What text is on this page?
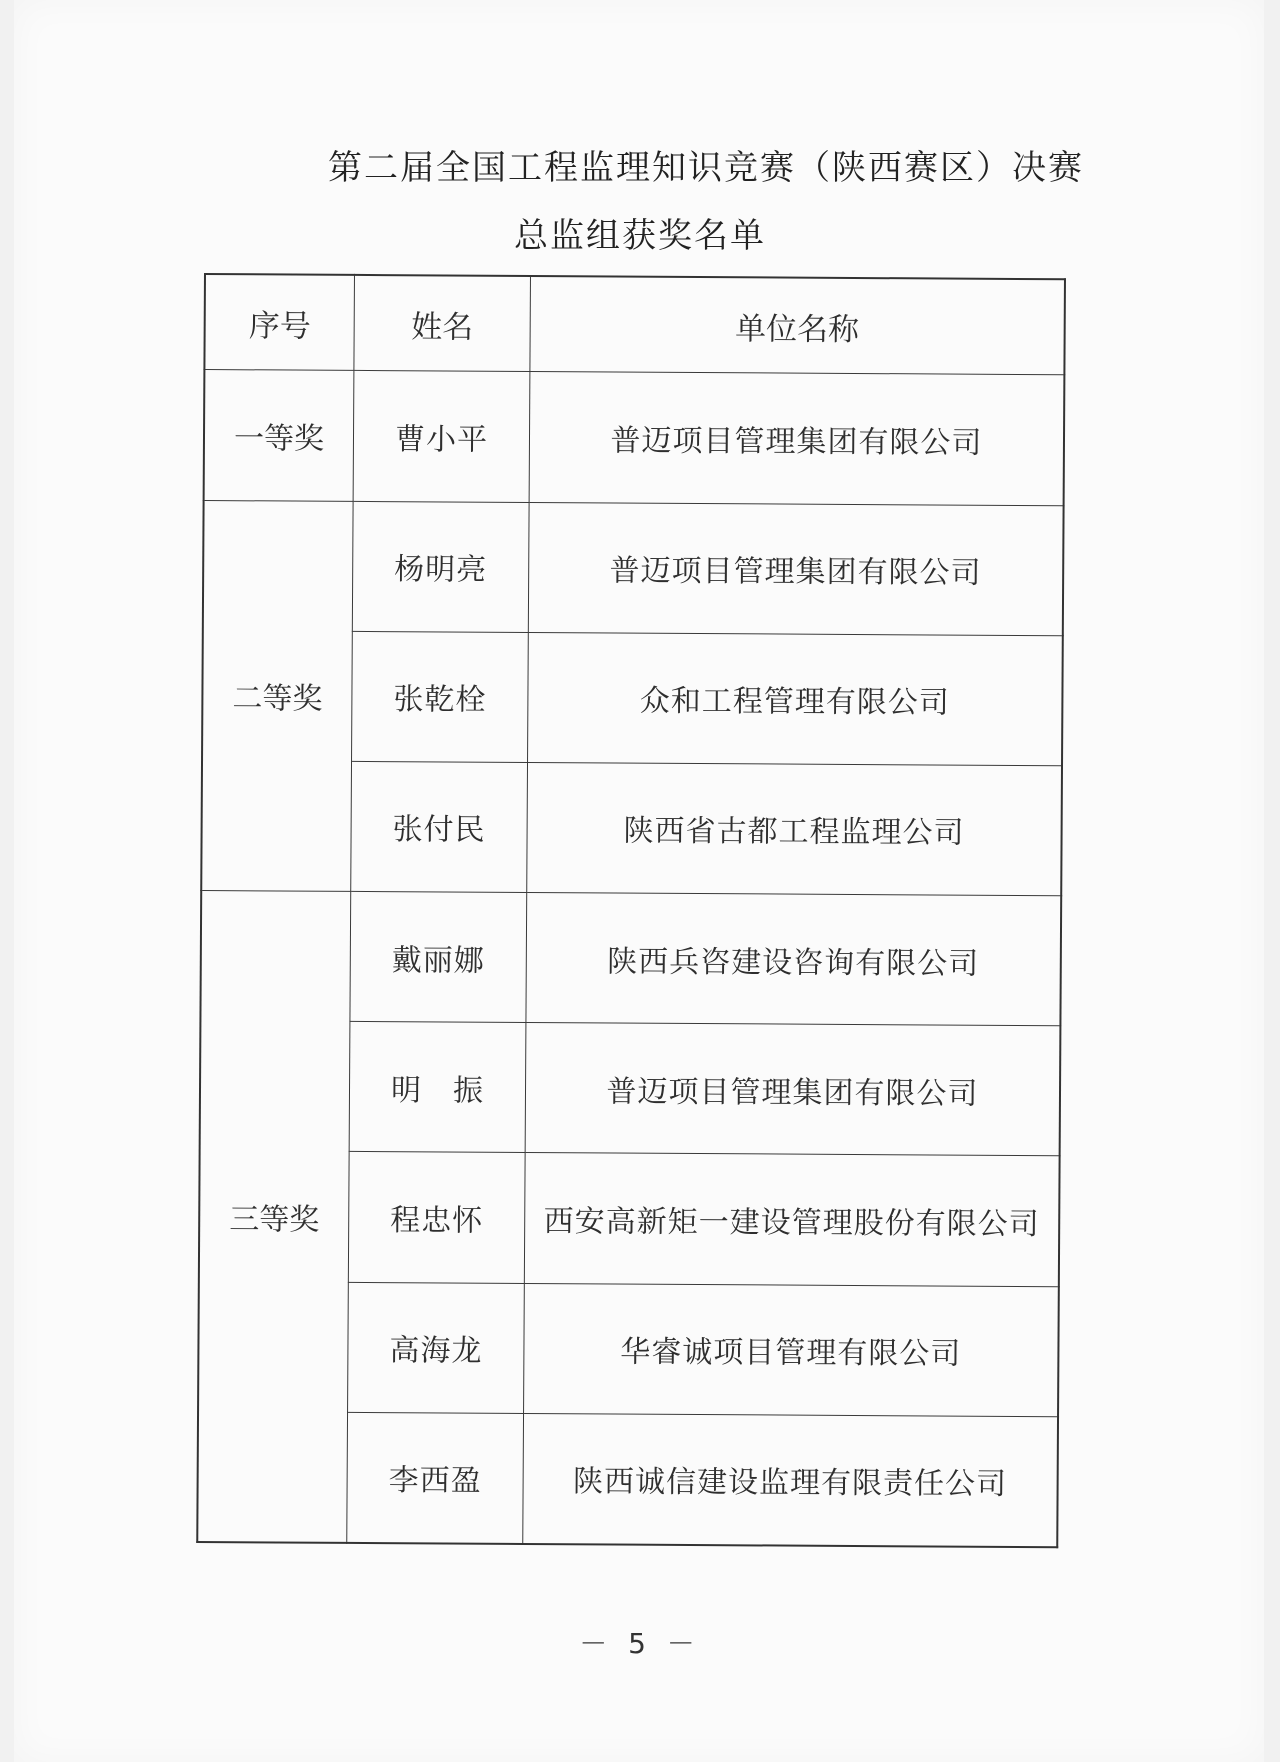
第二届全国工程监理知识竞赛（陕西赛区）决赛
总监组获奖名单
序号	姓名	单位名称
一等奖	曹小平	普迈项目管理集团有限公司
二等奖	杨明亮	普迈项目管理集团有限公司
	张乾栓	众和工程管理有限公司
	张付民	陕西省古都工程监理公司
三等奖	戴丽娜	陕西兵咨建设咨询有限公司
	明　振	普迈项目管理集团有限公司
	程忠怀	西安高新矩一建设管理股份有限公司
	高海龙	华睿诚项目管理有限公司
	李西盈	陕西诚信建设监理有限责任公司
－ 5 －
